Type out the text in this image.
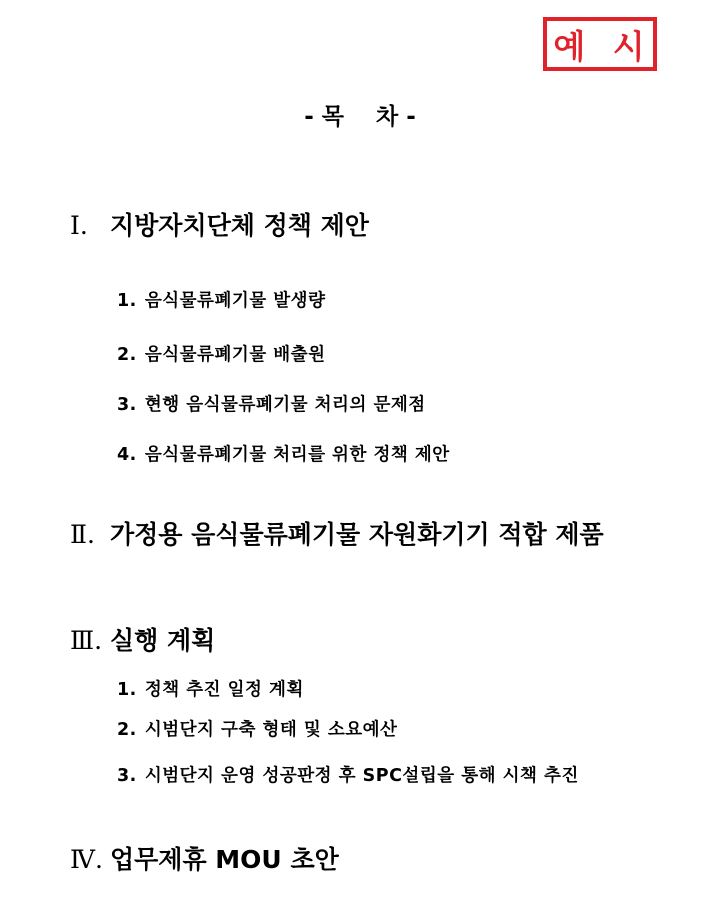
예 시
- 목    차 -
Ⅰ. 지방자치단체 정책 제안
1. 음식물류폐기물 발생량
2. 음식물류폐기물 배출원
3. 현행 음식물류폐기물 처리의 문제점
4. 음식물류폐기물 처리를 위한 정책 제안
Ⅱ. 가정용 음식물류폐기물 자원화기기 적합 제품
Ⅲ. 실행 계획
1. 정책 추진 일정 계획
2. 시범단지 구축 형태 및 소요예산
3. 시범단지 운영 성공판정 후 SPC설립을 통해 시책 추진
Ⅳ. 업무제휴 MOU 초안
